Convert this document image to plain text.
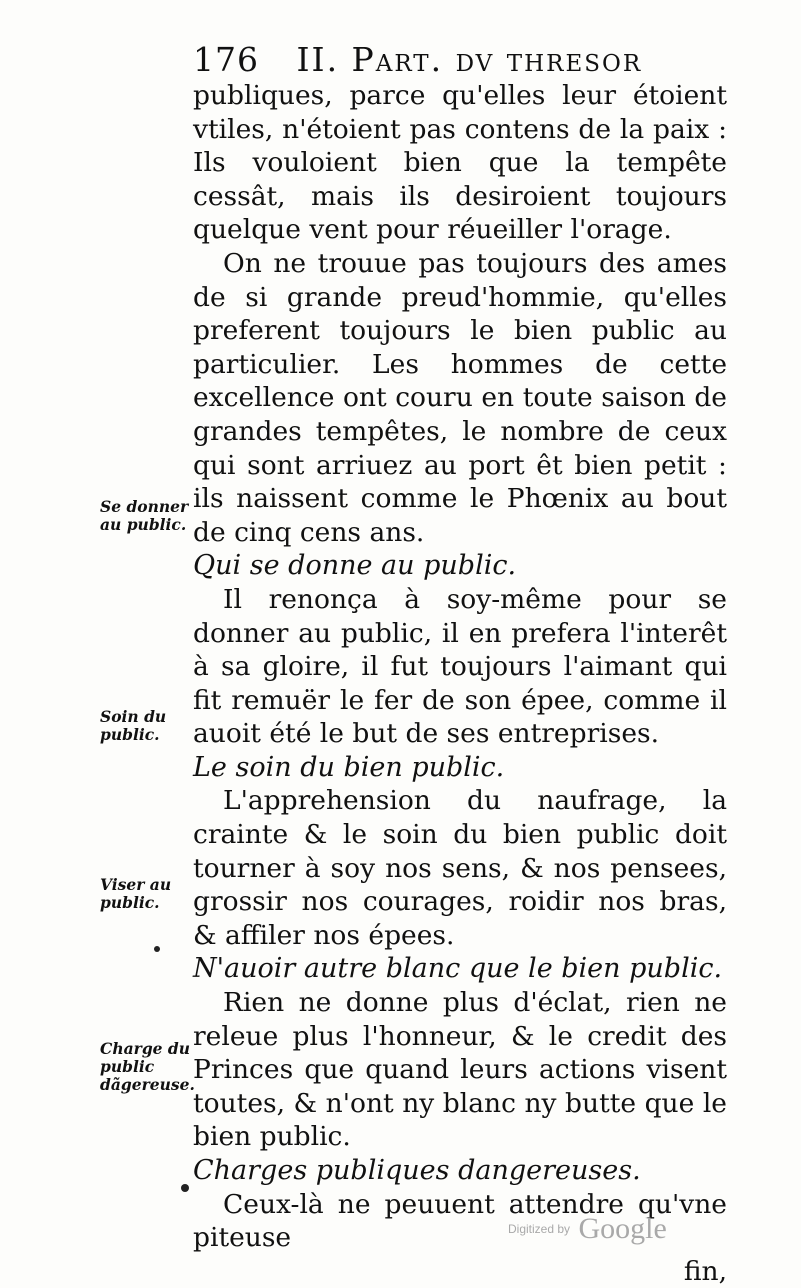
176 II. Part. dv thresor

publiques, parce qu'elles leur étoient vtiles, n'étoient pas contens de la paix : Ils vouloient bien que la tempête cessât, mais ils desiroient toujours quelque vent pour réueiller l'orage.

On ne trouue pas toujours des ames de si grande preud'hommie, qu'elles preferent toujours le bien public au particulier. Les hommes de cette excellence ont couru en toute saison de grandes tempêtes, le nombre de ceux qui sont arriuez au port êt bien petit : ils naissent comme le Phœnix au bout de cinq cens ans.

Qui se donne au public.

Il renonça à soy-même pour se donner au public, il en prefera l'interêt à sa gloire, il fut toujours l'aimant qui fit remuër le fer de son épee, comme il auoit été le but de ses entreprises.

Le soin du bien public.

L'apprehension du naufrage, la crainte & le soin du bien public doit tourner à soy nos sens, & nos pensees, grossir nos courages, roidir nos bras, & affiler nos épees.

N'auoir autre blanc que le bien public.

Rien ne donne plus d'éclat, rien ne releue plus l'honneur, & le credit des Princes que quand leurs actions visent toutes, & n'ont ny blanc ny butte que le bien public.

Charges publiques dangereuses.

Ceux-là ne peuuent attendre qu'vne piteuse

fin,

Se donner
au public.
Soin du
public.
Viser au
public.
Charge du
public
dãgereuse.
Digitized by Google
